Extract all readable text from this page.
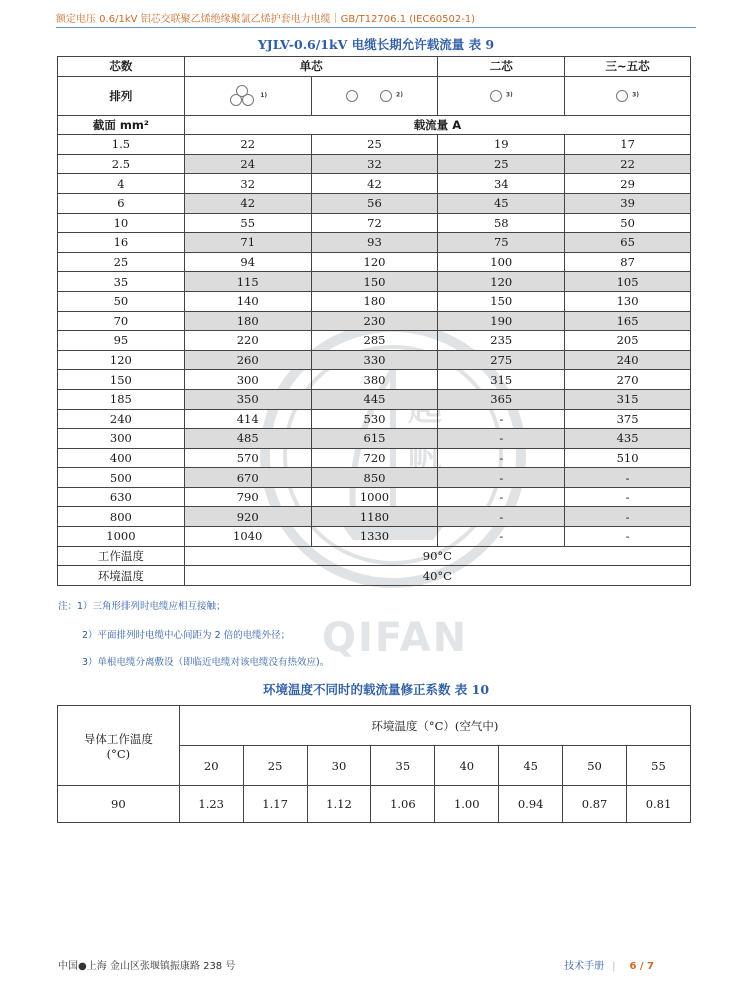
额定电压 0.6/1kV 铝芯交联聚乙烯绝缘聚氯乙烯护套电力电缆｜GB/T12706.1 (IEC60502-1)
起
帆
QIFAN
YJLV-0.6/1kV 电缆长期允许载流量 表 9
芯数	单芯		二芯	三~五芯
排列	1)	2)	3)	3)
截面 mm²	载流量 A			
1.5	22	25	19	17
2.5	24	32	25	22
4	32	42	34	29
6	42	56	45	39
10	55	72	58	50
16	71	93	75	65
25	94	120	100	87
35	115	150	120	105
50	140	180	150	130
70	180	230	190	165
95	220	285	235	205
120	260	330	275	240
150	300	380	315	270
185	350	445	365	315
240	414	530	-	375
300	485	615	-	435
400	570	720	-	510
500	670	850	-	-
630	790	1000	-	-
800	920	1180	-	-
1000	1040	1330	-	-
工作温度	90°C			
环境温度	40°C			
注：1）三角形排列时电缆应相互接触；
2）平面排列时电缆中心间距为 2 倍的电缆外径；
3）单根电缆分离敷设（即临近电缆对该电缆没有热效应)。
环境温度不同时的载流量修正系数 表 10
导体工作温度
(°C)	环境温度（°C）(空气中)							
	20	25	30	35	40	45	50	55
90	1.23	1.17	1.12	1.06	1.00	0.94	0.87	0.81
中国●上海 金山区张堰镇振康路 238 号	技术手册 | 6 / 7
